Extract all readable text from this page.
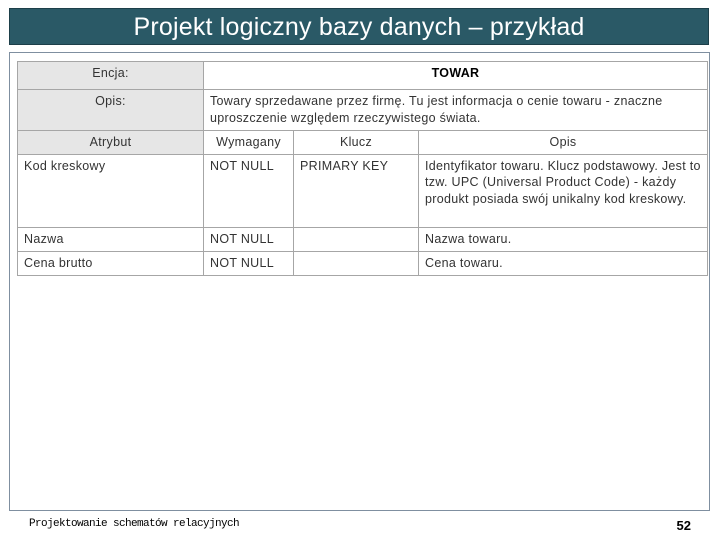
Projekt logiczny bazy danych – przykład
Encja:	TOWAR		
Opis:	Towary sprzedawane przez firmę. Tu jest informacja o cenie towaru - znaczne uproszczenie względem rzeczywistego świata.		
Atrybut	Wymagany	Klucz	Opis
Kod kreskowy	NOT NULL	PRIMARY KEY	Identyfikator towaru. Klucz podstawowy. Jest to tzw. UPC (Universal Product Code) - każdy produkt posiada swój unikalny kod kreskowy.
Nazwa	NOT NULL		Nazwa towaru.
Cena brutto	NOT NULL		Cena towaru.
Projektowanie schematów relacyjnych	52
